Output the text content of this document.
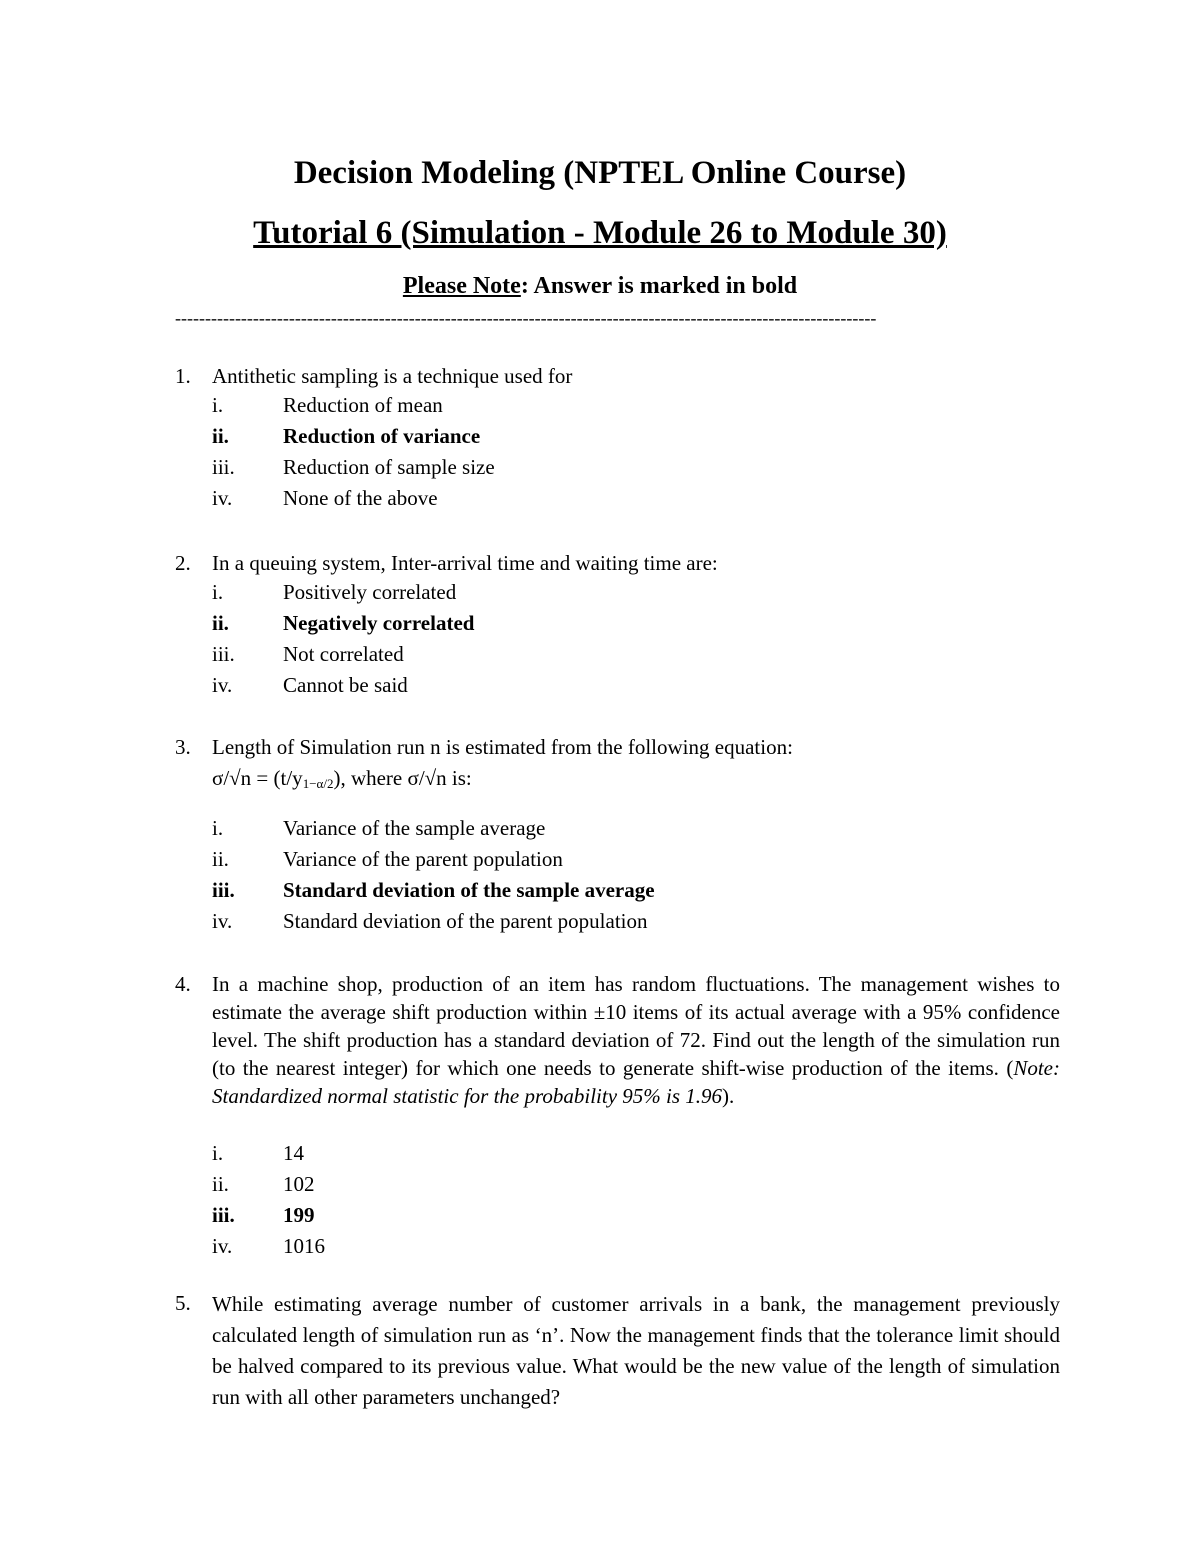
Decision Modeling (NPTEL Online Course)
Tutorial 6 (Simulation - Module 26 to Module 30)
Please Note: Answer is marked in bold
---------------------------------------------------------------------------------------------------------------------
1.	Antithetic sampling is a technique used for
i.	Reduction of mean
ii.	Reduction of variance
iii.	Reduction of sample size
iv.	None of the above
2.	In a queuing system, Inter-arrival time and waiting time are:
i.	Positively correlated
ii.	Negatively correlated
iii.	Not correlated
iv.	Cannot be said
3.	Length of Simulation run n is estimated from the following equation:
$\sigma/√n = (t/y_{1-\alpha/2})$, where σ/√n is:
i.	Variance of the sample average
ii.	Variance of the parent population
iii.	Standard deviation of the sample average
iv.	Standard deviation of the parent population
4.	In a machine shop, production of an item has random fluctuations. The management wishes to estimate the average shift production within ±10 items of its actual average with a 95% confidence level. The shift production has a standard deviation of 72. Find out the length of the simulation run (to the nearest integer) for which one needs to generate shift-wise production of the items. (Note: Standardized normal statistic for the probability 95% is 1.96).
i.	14
ii.	102
iii.	199
iv.	1016
5.	While estimating average number of customer arrivals in a bank, the management previously calculated length of simulation run as ‘n’. Now the management finds that the tolerance limit should be halved compared to its previous value. What would be the new value of the length of simulation run with all other parameters unchanged?
